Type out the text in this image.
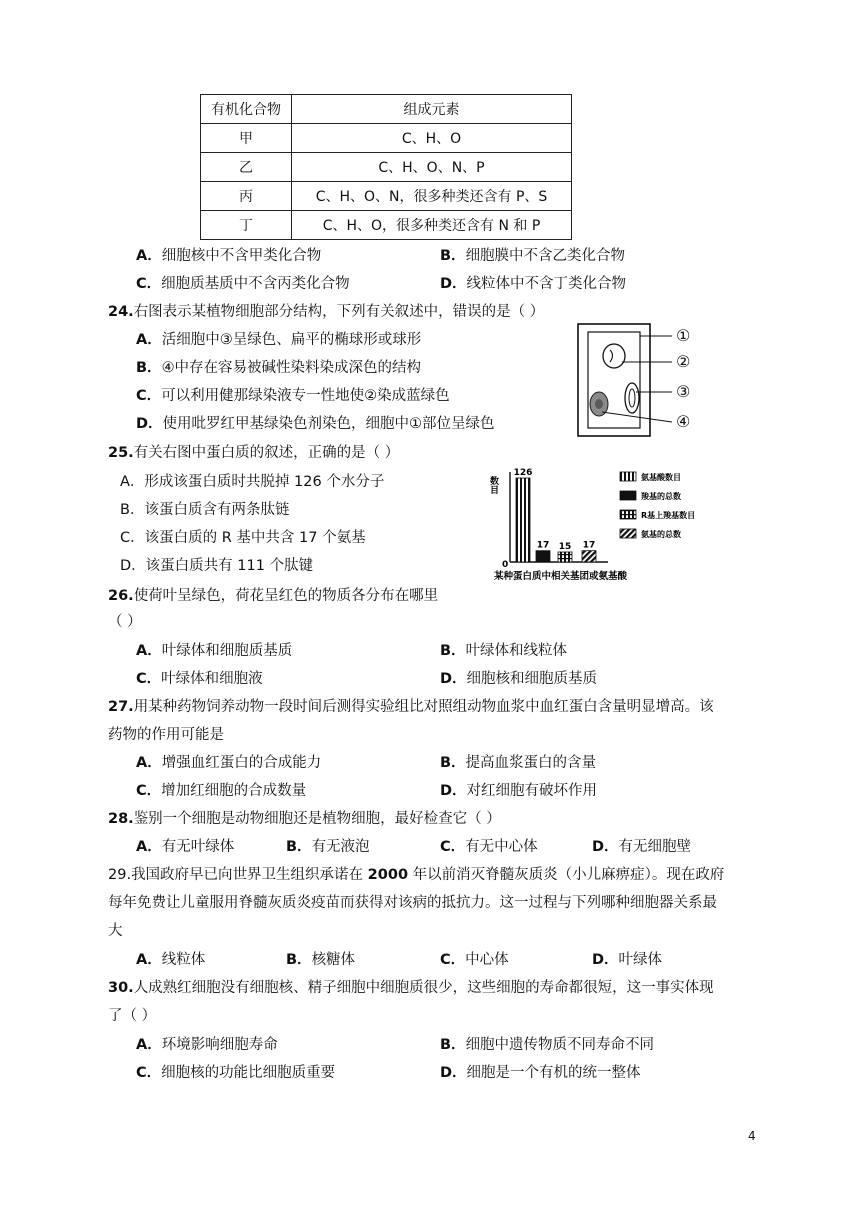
有机化合物	组成元素
甲	C、H、O
乙	C、H、O、N、P
丙	C、H、O、N，很多种类还含有 P、S
丁	C、H、O，很多种类还含有 N 和 P
A．细胞核中不含甲类化合物	B．细胞膜中不含乙类化合物
C．细胞质基质中不含丙类化合物	D．线粒体中不含丁类化合物
24.右图表示某植物细胞部分结构，下列有关叙述中，错误的是（ ）
A．活细胞中③呈绿色、扁平的椭球形或球形
B．④中存在容易被碱性染料染成深色的结构
C．可以利用健那绿染液专一性地使②染成蓝绿色
D．使用吡罗红甲基绿染色剂染色，细胞中①部位呈绿色
①
②
③
④
25.有关右图中蛋白质的叙述，正确的是（ ）
A．形成该蛋白质时共脱掉 126 个水分子
B．该蛋白质含有两条肽链
C．该蛋白质的 R 基中共含 17 个氨基
D．该蛋白质共有 111 个肽键
数目
0
某种蛋白质中相关基团或氨基酸
126
17 15 17
氨基酸数目
羧基的总数
R基上羧基数目
氨基的总数
26.使荷叶呈绿色，荷花呈红色的物质各分布在哪里
（ ）
A．叶绿体和细胞质基质	B．叶绿体和线粒体
C．叶绿体和细胞液	D．细胞核和细胞质基质
27.用某种药物饲养动物一段时间后测得实验组比对照组动物血浆中血红蛋白含量明显增高。该
药物的作用可能是
A．增强血红蛋白的合成能力	B．提高血浆蛋白的含量
C．增加红细胞的合成数量	D．对红细胞有破坏作用
28.鉴别一个细胞是动物细胞还是植物细胞，最好检查它（ ）
A．有无叶绿体	B．有无液泡	C．有无中心体	D．有无细胞壁
29.我国政府早已向世界卫生组织承诺在 2000 年以前消灭脊髓灰质炎（小儿麻痹症）。现在政府
每年免费让儿童服用脊髓灰质炎疫苗而获得对该病的抵抗力。这一过程与下列哪种细胞器关系最
大
A．线粒体	B．核糖体	C．中心体	D．叶绿体
30.人成熟红细胞没有细胞核、精子细胞中细胞质很少，这些细胞的寿命都很短，这一事实体现
了（ ）
A．环境影响细胞寿命	B．细胞中遗传物质不同寿命不同
C．细胞核的功能比细胞质重要	D．细胞是一个有机的统一整体
4
